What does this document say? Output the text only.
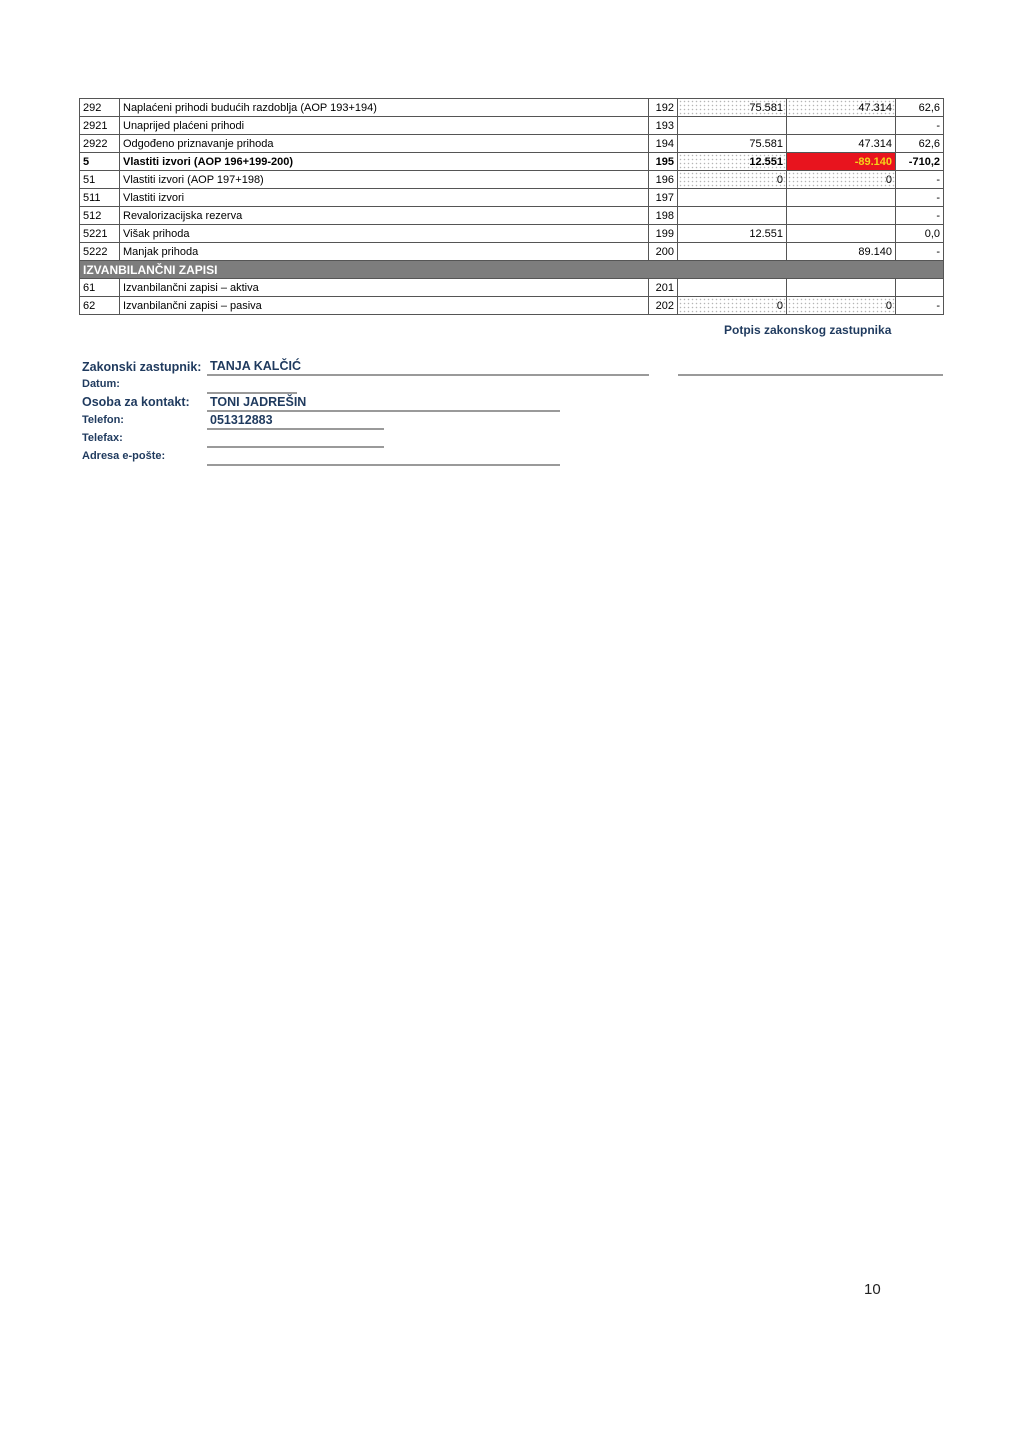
292	Naplaćeni prihodi budućih razdoblja (AOP 193+194)	192	75.581	47.314	62,6
2921	Unaprijed plaćeni prihodi	193			-
2922	Odgođeno priznavanje prihoda	194	75.581	47.314	62,6
5	Vlastiti izvori (AOP 196+199-200)	195	12.551	-89.140	-710,2
51	Vlastiti izvori (AOP 197+198)	196	0	0	-
511	Vlastiti izvori	197			-
512	Revalorizacijska rezerva	198			-
5221	Višak prihoda	199	12.551		0,0
5222	Manjak prihoda	200		89.140	-
IZVANBILANČNI ZAPISI					
61	Izvanbilančni zapisi – aktiva	201			
62	Izvanbilančni zapisi – pasiva	202	0	0	-
Potpis zakonskog zastupnika
Zakonski zastupnik: TANJA KALČIĆ
Datum:
Osoba za kontakt: TONI JADREŠIN
Telefon:	051312883
Telefax:
Adresa e-pošte:
10
